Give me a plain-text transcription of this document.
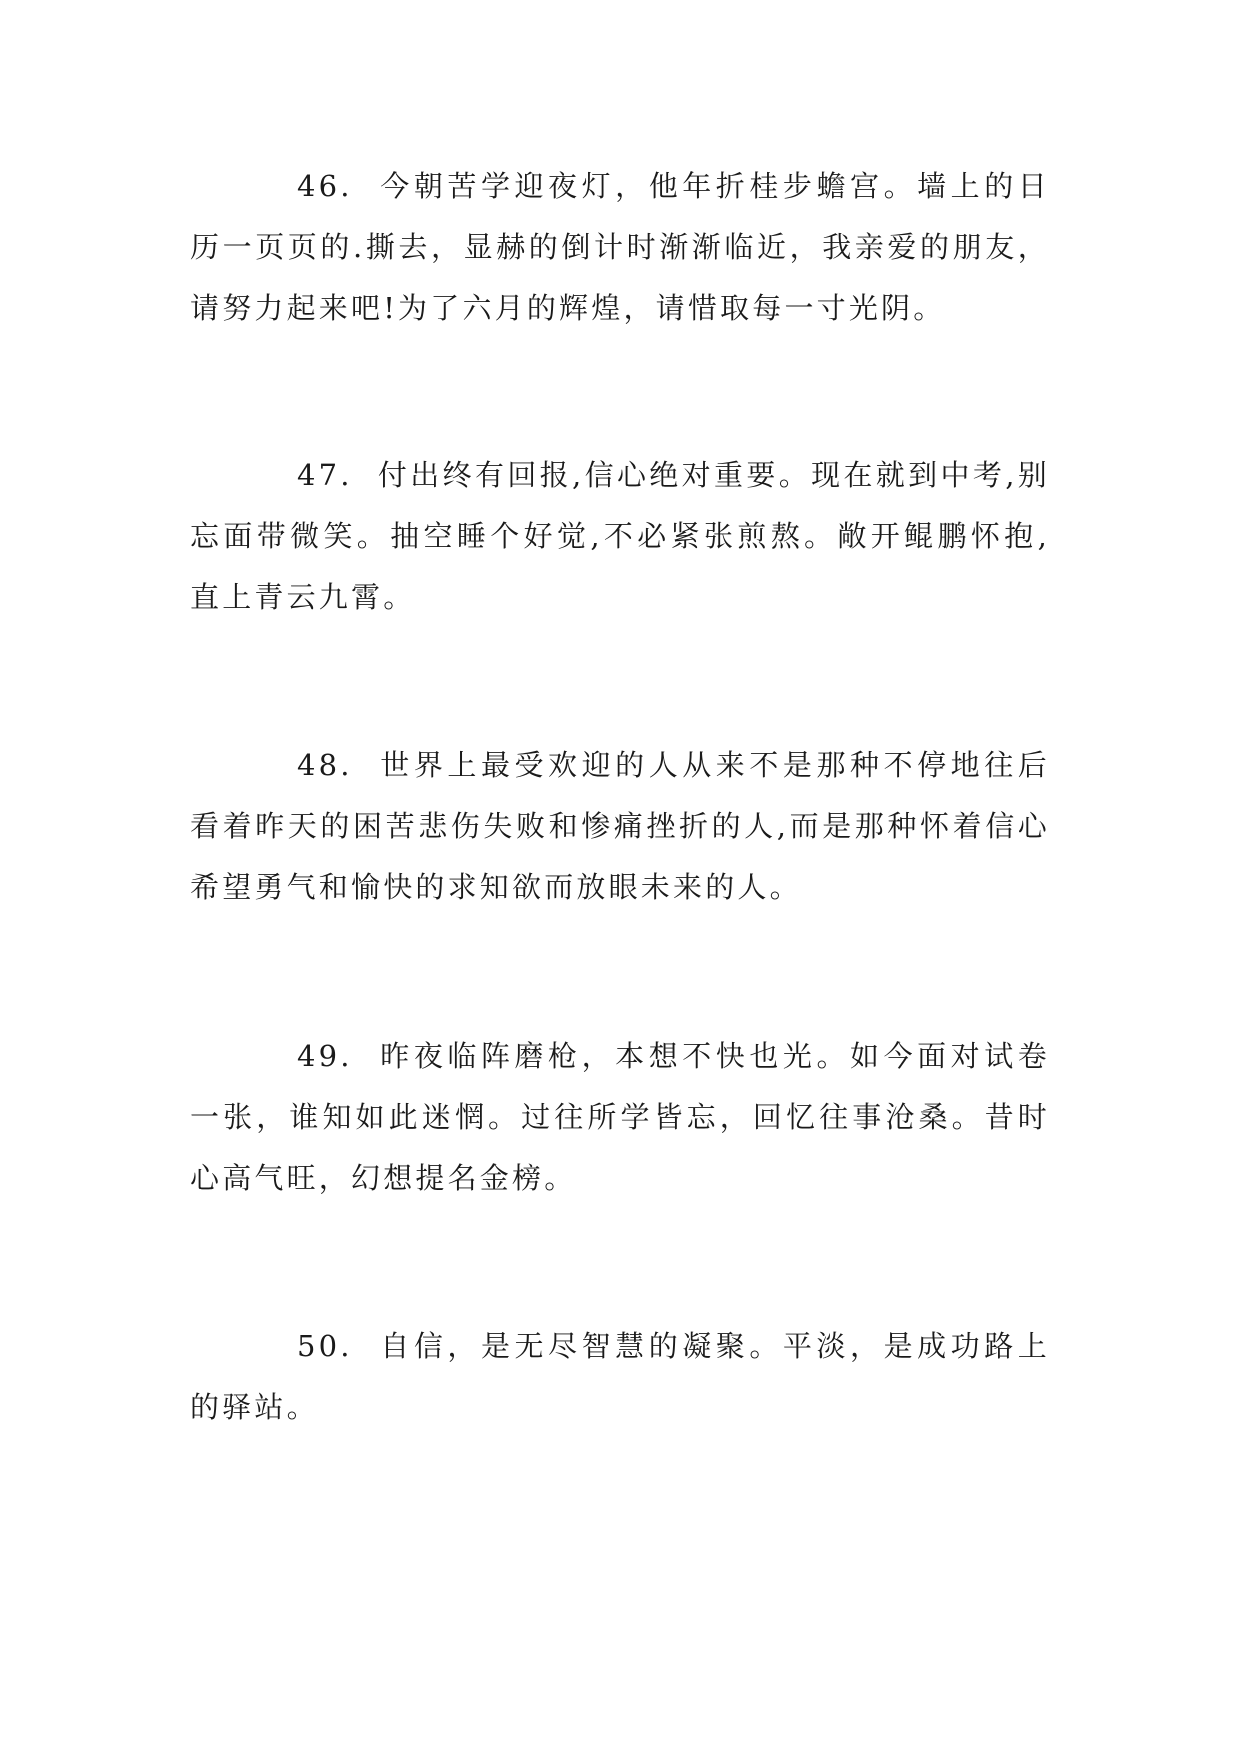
46. 今朝苦学迎夜灯，他年折桂步蟾宫。墙上的日历一页页的.撕去，显赫的倒计时渐渐临近，我亲爱的朋友，请努力起来吧!为了六月的辉煌，请惜取每一寸光阴。

47. 付出终有回报,信心绝对重要。现在就到中考,别忘面带微笑。抽空睡个好觉,不必紧张煎熬。敞开鲲鹏怀抱,直上青云九霄。

48. 世界上最受欢迎的人从来不是那种不停地往后看着昨天的困苦悲伤失败和惨痛挫折的人,而是那种怀着信心希望勇气和愉快的求知欲而放眼未来的人。

49. 昨夜临阵磨枪，本想不快也光。如今面对试卷一张，谁知如此迷惘。过往所学皆忘，回忆往事沧桑。昔时心高气旺，幻想提名金榜。

50. 自信，是无尽智慧的凝聚。平淡，是成功路上的驿站。
